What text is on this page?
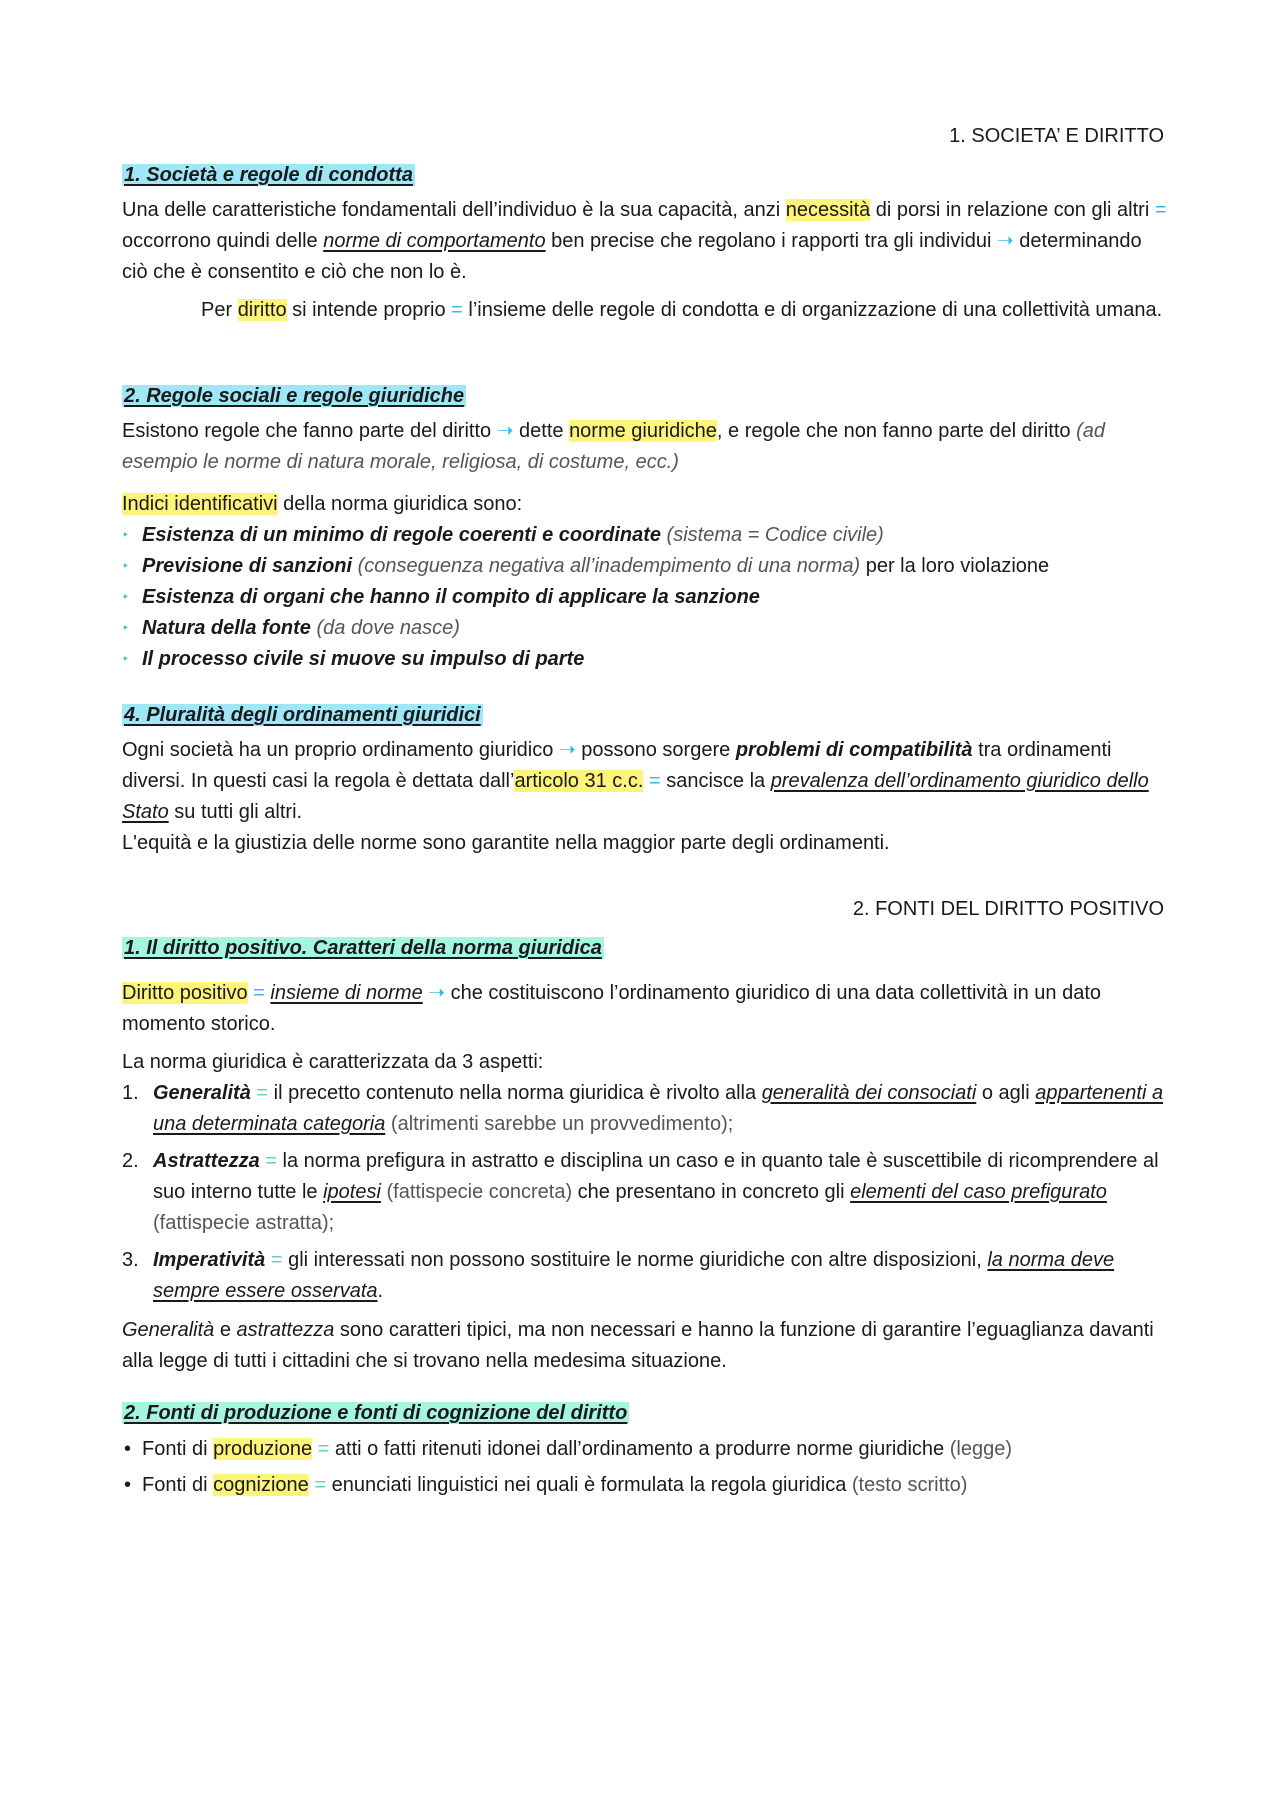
1. SOCIETA’ E DIRITTO
1. Società e regole di condotta

Una delle caratteristiche fondamentali dell’individuo è la sua capacità, anzi necessità di porsi in relazione con gli altri = occorrono quindi delle norme di comportamento ben precise che regolano i rapporti tra gli individui ➝ determinando ciò che è consentito e ciò che non lo è.

Per diritto si intende proprio = l’insieme delle regole di condotta e di organizzazione di una collettività umana.

2. Regole sociali e regole giuridiche

Esistono regole che fanno parte del diritto ➝ dette norme giuridiche, e regole che non fanno parte del diritto (ad esempio le norme di natura morale, religiosa, di costume, ecc.)

Indici identificativi della norma giuridica sono:

‣ Esistenza di un minimo di regole coerenti e coordinate (sistema = Codice civile)
‣ Previsione di sanzioni (conseguenza negativa all’inadempimento di una norma) per la loro violazione
‣ Esistenza di organi che hanno il compito di applicare la sanzione
‣ Natura della fonte (da dove nasce)
‣ Il processo civile si muove su impulso di parte
4. Pluralità degli ordinamenti giuridici

Ogni società ha un proprio ordinamento giuridico ➝ possono sorgere problemi di compatibilità tra ordinamenti diversi. In questi casi la regola è dettata dall’articolo 31 c.c. = sancisce la prevalenza dell’ordinamento giuridico dello Stato su tutti gli altri.

L'equità e la giustizia delle norme sono garantite nella maggior parte degli ordinamenti.

2. FONTI DEL DIRITTO POSITIVO
1. Il diritto positivo. Caratteri della norma giuridica

Diritto positivo = insieme di norme ➝ che costituiscono l’ordinamento giuridico di una data collettività in un dato momento storico.

La norma giuridica è caratterizzata da 3 aspetti:

1. Generalità = il precetto contenuto nella norma giuridica è rivolto alla generalità dei consociati o agli appartenenti a una determinata categoria (altrimenti sarebbe un provvedimento);
2. Astrattezza = la norma prefigura in astratto e disciplina un caso e in quanto tale è suscettibile di ricomprendere al suo interno tutte le ipotesi (fattispecie concreta) che presentano in concreto gli elementi del caso prefigurato (fattispecie astratta);
3. Imperatività = gli interessati non possono sostituire le norme giuridiche con altre disposizioni, la norma deve sempre essere osservata.

Generalità e astrattezza sono caratteri tipici, ma non necessari e hanno la funzione di garantire l’eguaglianza davanti alla legge di tutti i cittadini che si trovano nella medesima situazione.

2. Fonti di produzione e fonti di cognizione del diritto
• Fonti di produzione = atti o fatti ritenuti idonei dall’ordinamento a produrre norme giuridiche (legge)
• Fonti di cognizione = enunciati linguistici nei quali è formulata la regola giuridica (testo scritto)
